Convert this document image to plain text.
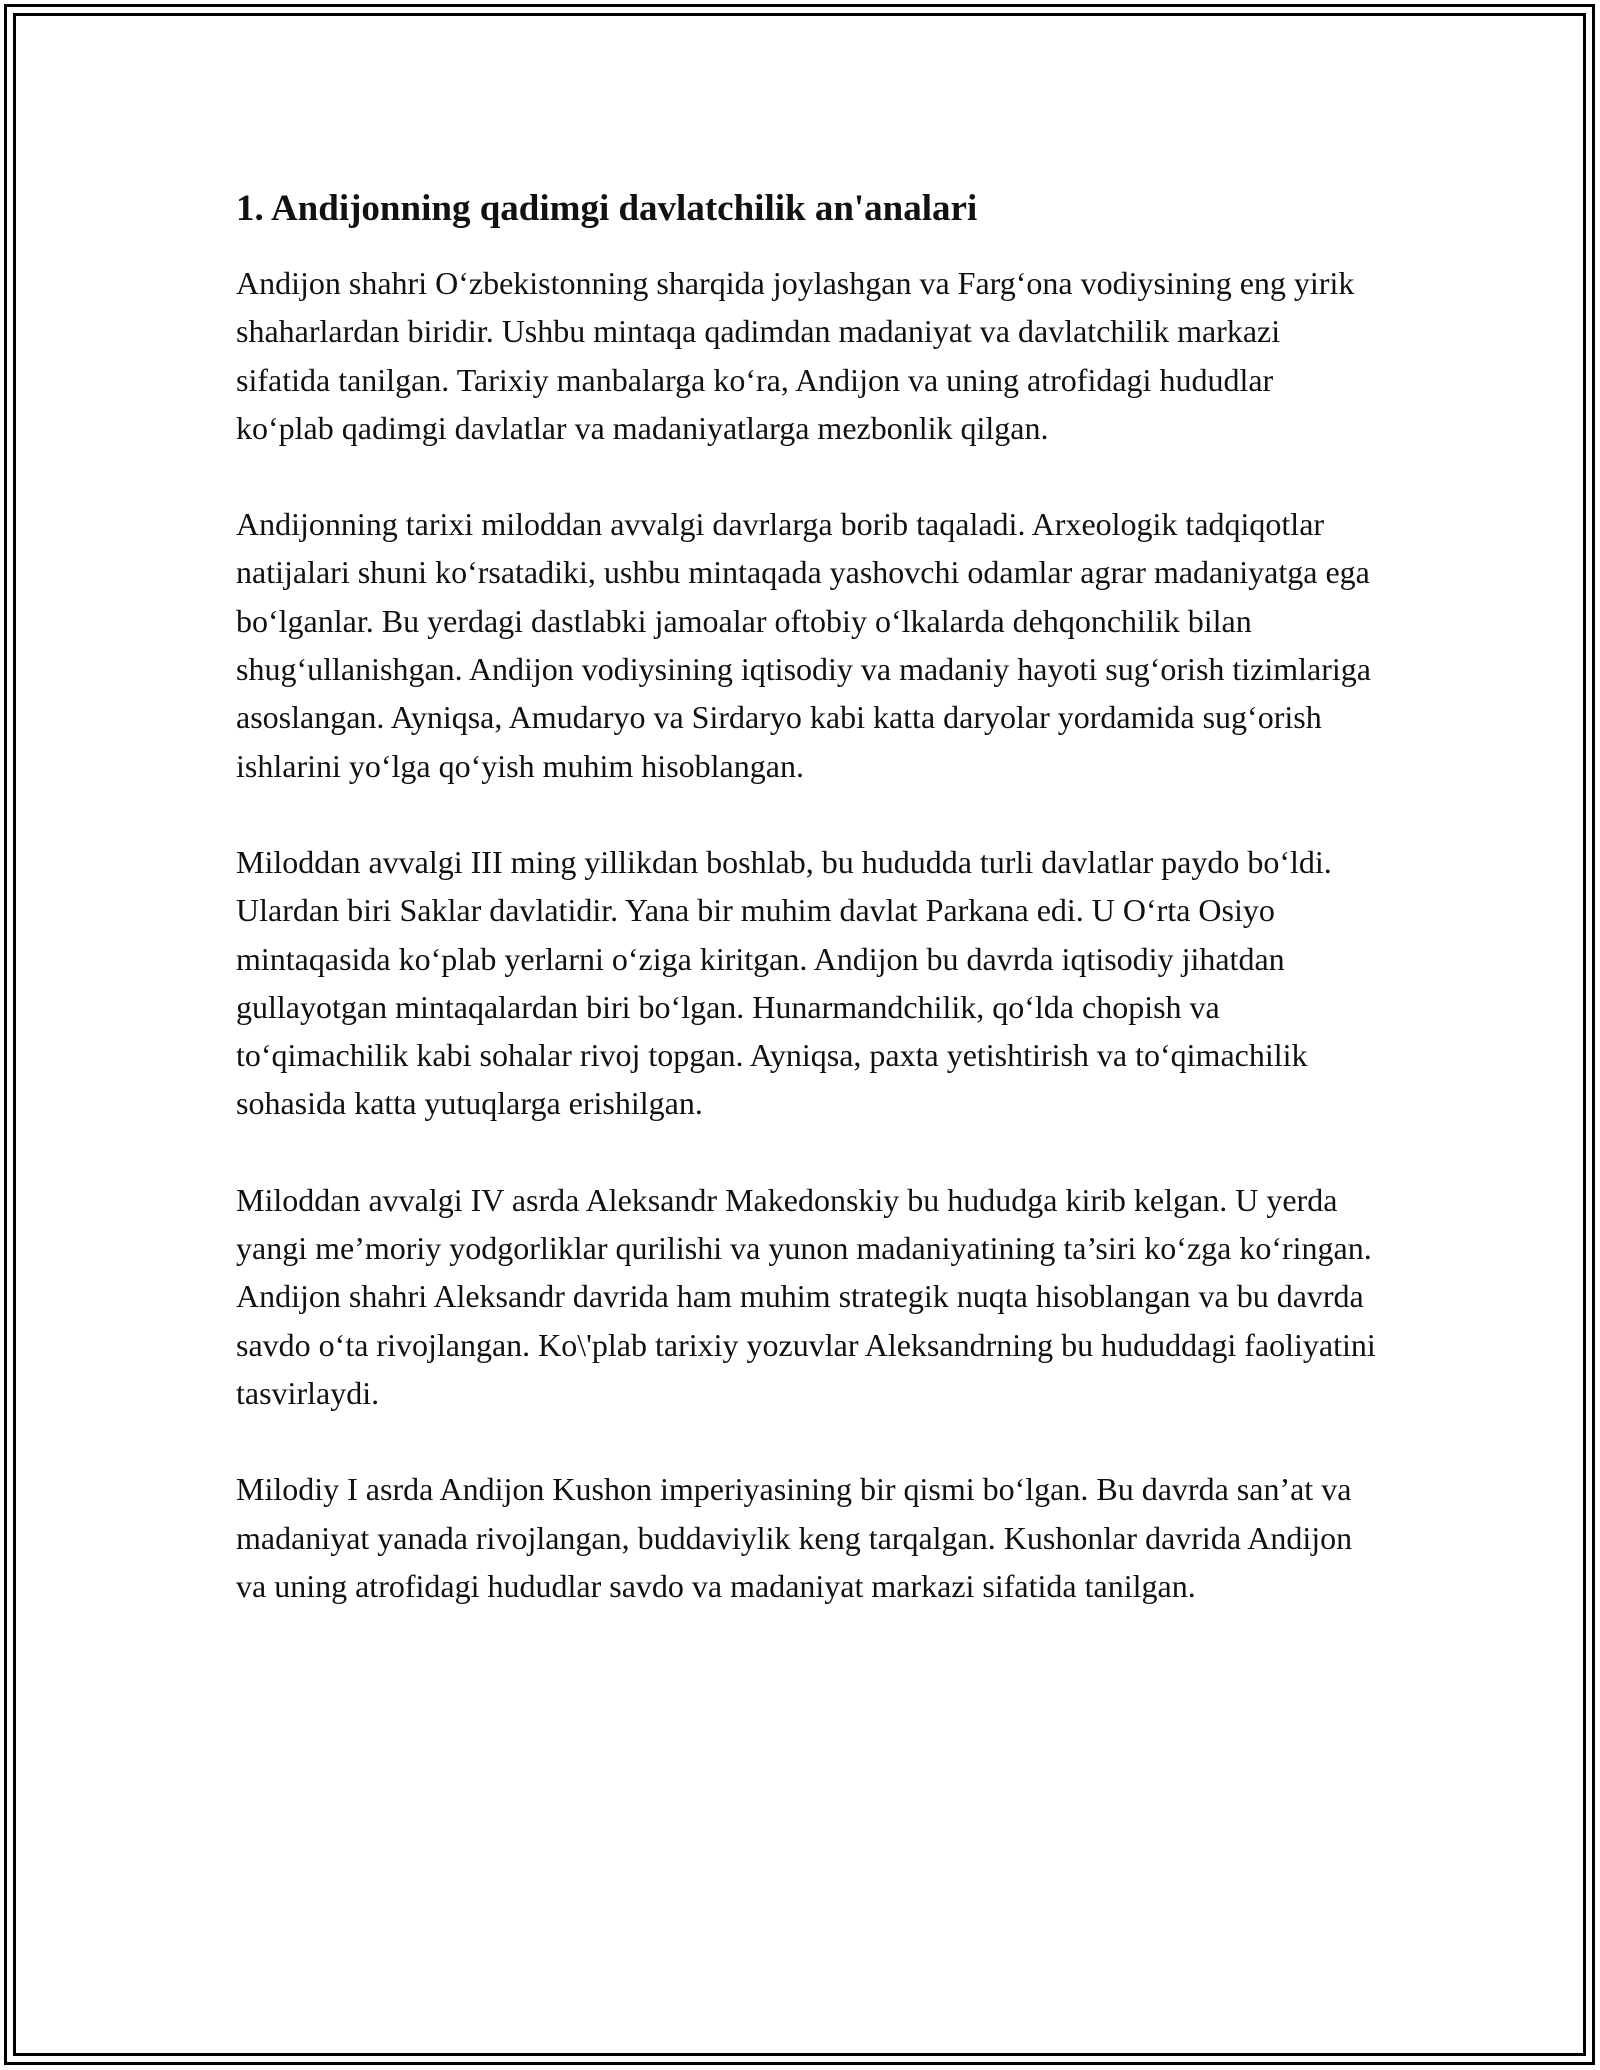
1. Andijonning qadimgi davlatchilik an'analari

Andijon shahri O‘zbekistonning sharqida joylashgan va Farg‘ona vodiysining eng yirik shaharlardan biridir. Ushbu mintaqa qadimdan madaniyat va davlatchilik markazi sifatida tanilgan. Tarixiy manbalarga ko‘ra, Andijon va uning atrofidagi hududlar ko‘plab qadimgi davlatlar va madaniyatlarga mezbonlik qilgan.

Andijonning tarixi miloddan avvalgi davrlarga borib taqaladi. Arxeologik tadqiqotlar natijalari shuni ko‘rsatadiki, ushbu mintaqada yashovchi odamlar agrar madaniyatga ega bo‘lganlar. Bu yerdagi dastlabki jamoalar oftobiy o‘lkalarda dehqonchilik bilan shug‘ullanishgan. Andijon vodiysining iqtisodiy va madaniy hayoti sug‘orish tizimlariga asoslangan. Ayniqsa, Amudaryo va Sirdaryo kabi katta daryolar yordamida sug‘orish ishlarini yo‘lga qo‘yish muhim hisoblangan.

Miloddan avvalgi III ming yillikdan boshlab, bu hududda turli davlatlar paydo bo‘ldi. Ulardan biri Saklar davlatidir. Yana bir muhim davlat Parkana edi. U O‘rta Osiyo mintaqasida ko‘plab yerlarni o‘ziga kiritgan. Andijon bu davrda iqtisodiy jihatdan gullayotgan mintaqalardan biri bo‘lgan. Hunarmandchilik, qo‘lda chopish va to‘qimachilik kabi sohalar rivoj topgan. Ayniqsa, paxta yetishtirish va to‘qimachilik sohasida katta yutuqlarga erishilgan.

Miloddan avvalgi IV asrda Aleksandr Makedonskiy bu hududga kirib kelgan. U yerda yangi me’moriy yodgorliklar qurilishi va yunon madaniyatining ta’siri ko‘zga ko‘ringan. Andijon shahri Aleksandr davrida ham muhim strategik nuqta hisoblangan va bu davrda savdo o‘ta rivojlangan. Ko\'plab tarixiy yozuvlar Aleksandrning bu hududdagi faoliyatini tasvirlaydi.

Milodiy I asrda Andijon Kushon imperiyasining bir qismi bo‘lgan. Bu davrda san’at va madaniyat yanada rivojlangan, buddaviylik keng tarqalgan. Kushonlar davrida Andijon va uning atrofidagi hududlar savdo va madaniyat markazi sifatida tanilgan.
